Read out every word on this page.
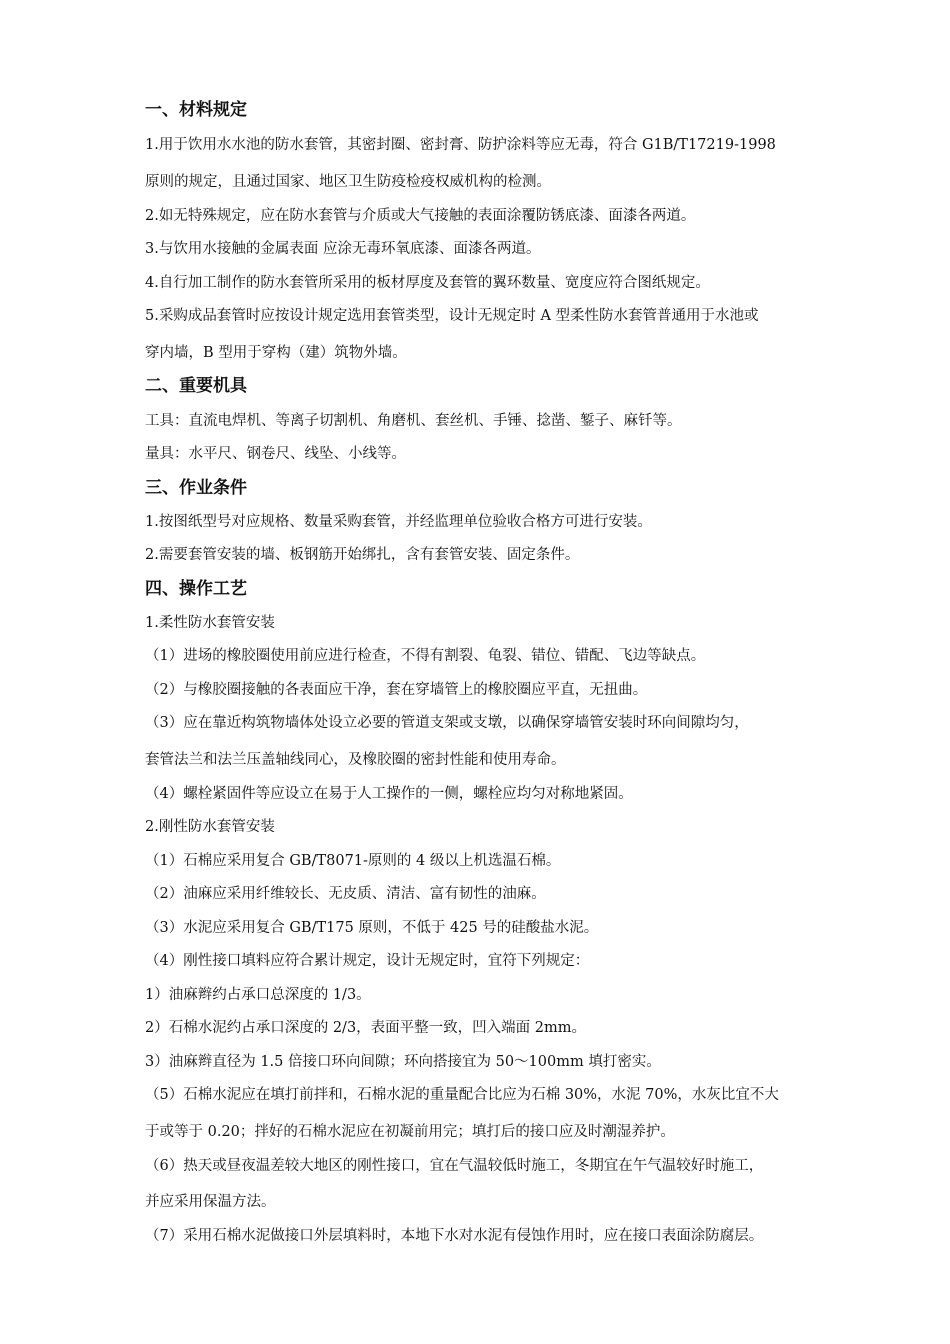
一、材料规定
1.用于饮用水水池的防水套管，其密封圈、密封膏、防护涂料等应无毒，符合 G1B/T17219-1998
原则的规定，且通过国家、地区卫生防疫检疫权威机构的检测。
2.如无特殊规定，应在防水套管与介质或大气接触的表面涂覆防锈底漆、面漆各两道。
3.与饮用水接触的金属表面 应涂无毒环氧底漆、面漆各两道。
4.自行加工制作的防水套管所采用的板材厚度及套管的翼环数量、宽度应符合图纸规定。
5.采购成品套管时应按设计规定选用套管类型，设计无规定时 A 型柔性防水套管普通用于水池或
穿内墙，B 型用于穿构（建）筑物外墙。
二、重要机具
工具：直流电焊机、等离子切割机、角磨机、套丝机、手锤、捻凿、錾子、麻钎等。
量具：水平尺、钢卷尺、线坠、小线等。
三、作业条件
1.按图纸型号对应规格、数量采购套管，并经监理单位验收合格方可进行安装。
2.需要套管安装的墙、板钢筋开始绑扎，含有套管安装、固定条件。
四、操作工艺
1.柔性防水套管安装
（1）进场的橡胶圈使用前应进行检查，不得有割裂、龟裂、错位、错配、飞边等缺点。
（2）与橡胶圈接触的各表面应干净，套在穿墙管上的橡胶圈应平直，无扭曲。
（3）应在靠近构筑物墙体处设立必要的管道支架或支墩，以确保穿墙管安装时环向间隙均匀，
套管法兰和法兰压盖轴线同心，及橡胶圈的密封性能和使用寿命。
（4）螺栓紧固件等应设立在易于人工操作的一侧，螺栓应均匀对称地紧固。
2.刚性防水套管安装
（1）石棉应采用复合 GB/T8071-原则的 4 级以上机选温石棉。
（2）油麻应采用纤维较长、无皮质、清洁、富有韧性的油麻。
（3）水泥应采用复合 GB/T175 原则，不低于 425 号的硅酸盐水泥。
（4）刚性接口填料应符合累计规定，设计无规定时，宜符下列规定：
1）油麻辫约占承口总深度的 1/3。
2）石棉水泥约占承口深度的 2/3，表面平整一致，凹入端面 2mm。
3）油麻辫直径为 1.5 倍接口环向间隙；环向搭接宜为 50～100mm 填打密实。
（5）石棉水泥应在填打前拌和，石棉水泥的重量配合比应为石棉 30%，水泥 70%，水灰比宜不大
于或等于 0.20；拌好的石棉水泥应在初凝前用完；填打后的接口应及时潮湿养护。
（6）热天或昼夜温差较大地区的刚性接口，宜在气温较低时施工，冬期宜在午气温较好时施工，
并应采用保温方法。
（7）采用石棉水泥做接口外层填料时，本地下水对水泥有侵蚀作用时，应在接口表面涂防腐层。
